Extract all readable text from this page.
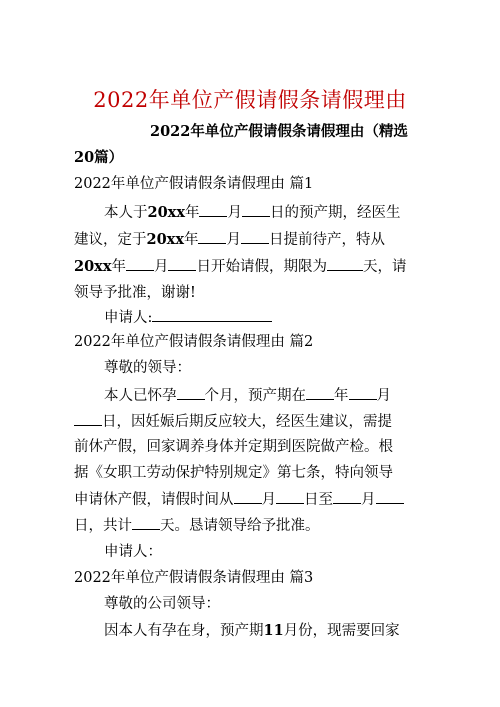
2022年单位产假请假条请假理由
2022年单位产假请假条请假理由（精选
20篇）
2022年单位产假请假条请假理由 篇1
本人于20xx年 月 日的预产期，经医生
建议，定于20xx年 月 日提前待产，特从
20xx年 月 日开始请假，期限为 天，请
领导予批准，谢谢!
申请人:
2022年单位产假请假条请假理由 篇2
尊敬的领导：
本人已怀孕 个月，预产期在 年 月
日，因妊娠后期反应较大，经医生建议，需提
前休产假，回家调养身体并定期到医院做产检。根
据《女职工劳动保护特别规定》第七条，特向领导
申请休产假，请假时间从 月 日至 月
日，共计 天。恳请领导给予批准。
申请人：
2022年单位产假请假条请假理由 篇3
尊敬的公司领导：
因本人有孕在身，预产期11月份，现需要回家
